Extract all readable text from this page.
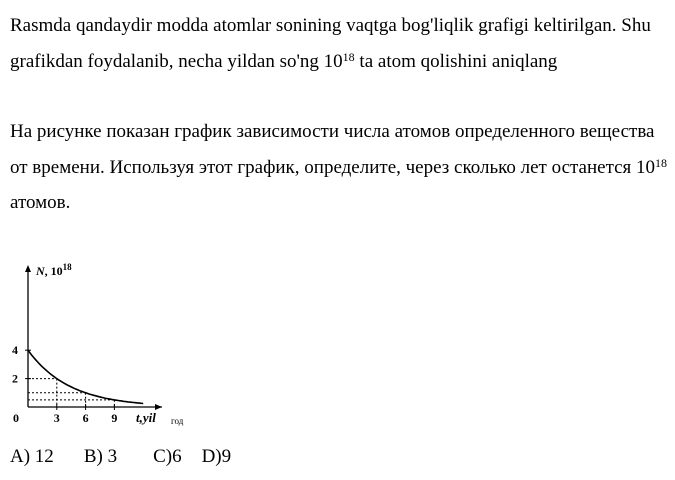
Rasmda qandaydir modda atomlar sonining vaqtga bog'liqlik grafigi keltirilgan. Shu grafikdan foydalanib, necha yildan so'ng $10^{18}$ ta atom qolishini aniqlang

На рисунке показан график зависимости числа атомов определенного вещества от времени. Используя этот график, определите, через сколько лет останется $10^{18}$ атомов.

2
4
0	3 6 9
N, $10^{18}$
t,yil год
A) 12 B) 3 C)6 D)9
